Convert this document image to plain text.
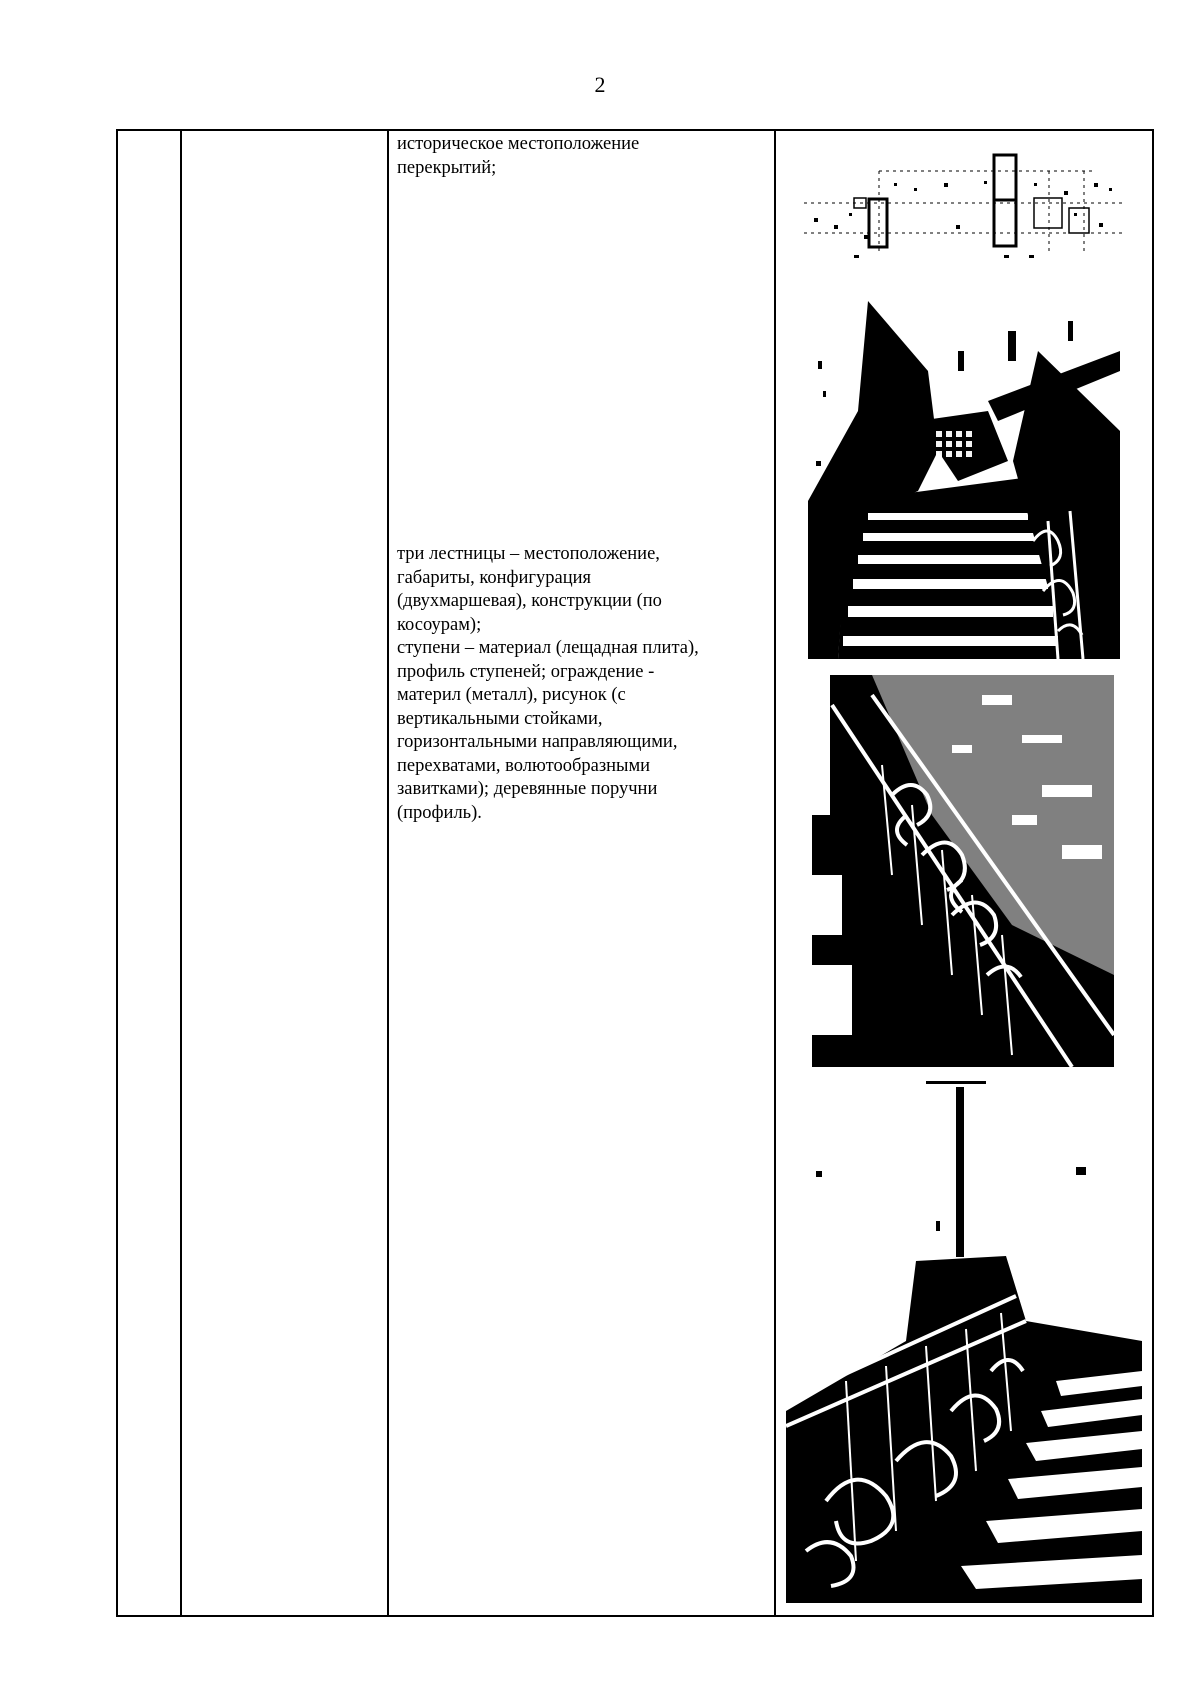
2

историческое местоположение
перекрытий;
три лестницы – местоположение,
габариты, конфигурация
(двухмаршевая), конструкции (по
косоурам);
ступени – материал (лещадная плита),
профиль ступеней; ограждение -
материл (металл), рисунок (с
вертикальными стойками,
горизонтальными направляющими,
перехватами, волютообразными
завитками); деревянные поручни
(профиль).
